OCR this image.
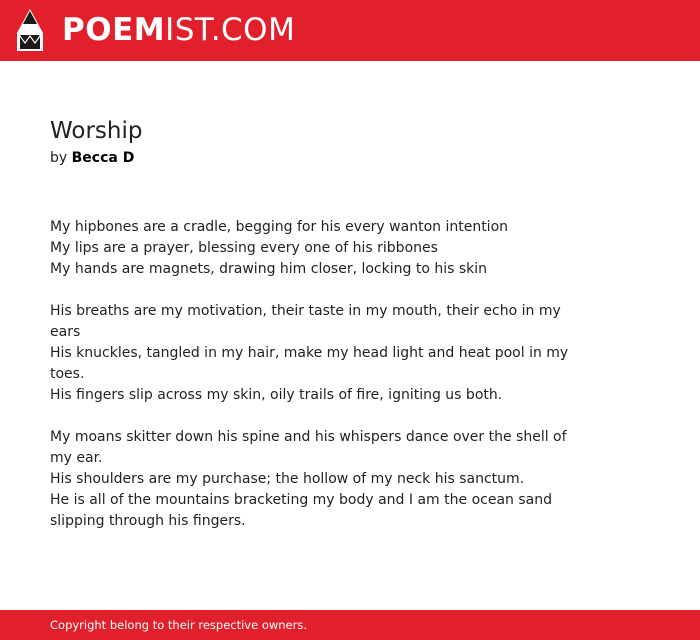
POEMIST.COM
Worship
by Becca D
My hipbones are a cradle, begging for his every wanton intention
My lips are a prayer, blessing every one of his ribbones
My hands are magnets, drawing him closer, locking to his skin
His breaths are my motivation, their taste in my mouth, their echo in my ears
His knuckles, tangled in my hair, make my head light and heat pool in my toes.
His fingers slip across my skin, oily trails of fire, igniting us both.
My moans skitter down his spine and his whispers dance over the shell of my ear.
His shoulders are my purchase; the hollow of my neck his sanctum.
He is all of the mountains bracketing my body and I am the ocean sand slipping through his fingers.
Copyright belong to their respective owners.
